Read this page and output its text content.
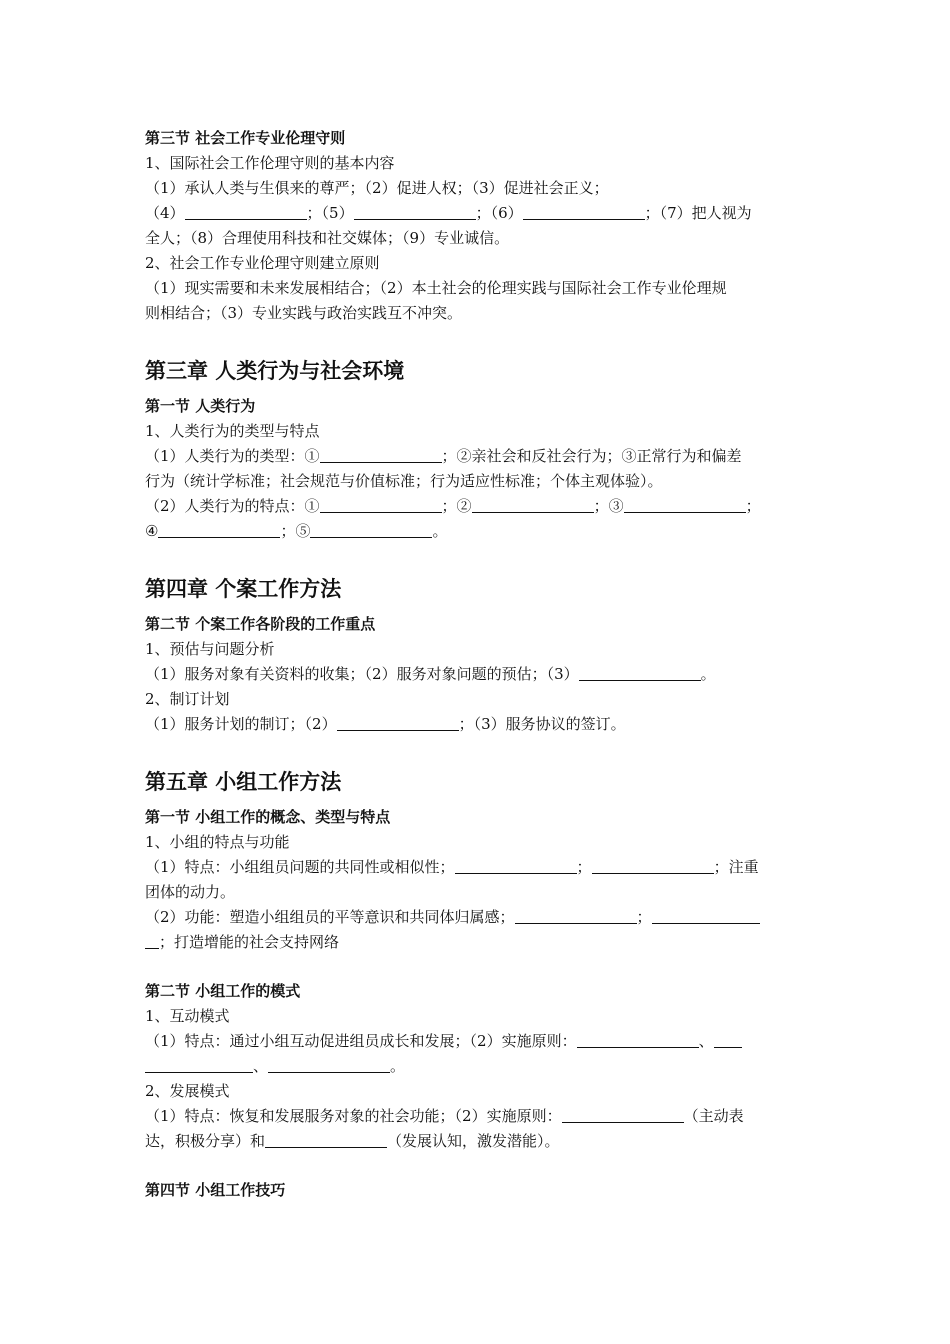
第三节 社会工作专业伦理守则

1、国际社会工作伦理守则的基本内容

（1）承认人类与生俱来的尊严；（2）促进人权；（3）促进社会正义；

（4）	；（5）	；（6）	；（7）把人视为

全人；（8）合理使用科技和社交媒体；（9）专业诚信。

2、社会工作专业伦理守则建立原则

（1）现实需要和未来发展相结合；（2）本土社会的伦理实践与国际社会工作专业伦理规

则相结合；（3）专业实践与政治实践互不冲突。

第三章 人类行为与社会环境

第一节 人类行为

1、人类行为的类型与特点

（1）人类行为的类型：①	；②亲社会和反社会行为；③正常行为和偏差

行为（统计学标准；社会规范与价值标准；行为适应性标准；个体主观体验）。

（2）人类行为的特点：①	；②	；③	；

④	；⑤	。

第四章 个案工作方法

第二节 个案工作各阶段的工作重点

1、预估与问题分析

（1）服务对象有关资料的收集；（2）服务对象问题的预估；（3）	。

2、制订计划

（1）服务计划的制订；（2）	；（3）服务协议的签订。

第五章 小组工作方法

第一节 小组工作的概念、类型与特点

1、小组的特点与功能

（1）特点：小组组员问题的共同性或相似性；	；	；注重

团体的动力。

（2）功能：塑造小组组员的平等意识和共同体归属感；	；

；打造增能的社会支持网络

第二节 小组工作的模式

1、互动模式

（1）特点：通过小组互动促进组员成长和发展；（2）实施原则：	、

、	。

2、发展模式

（1）特点：恢复和发展服务对象的社会功能；（2）实施原则：	（主动表

达，积极分享）和	（发展认知，激发潜能）。

第四节 小组工作技巧
